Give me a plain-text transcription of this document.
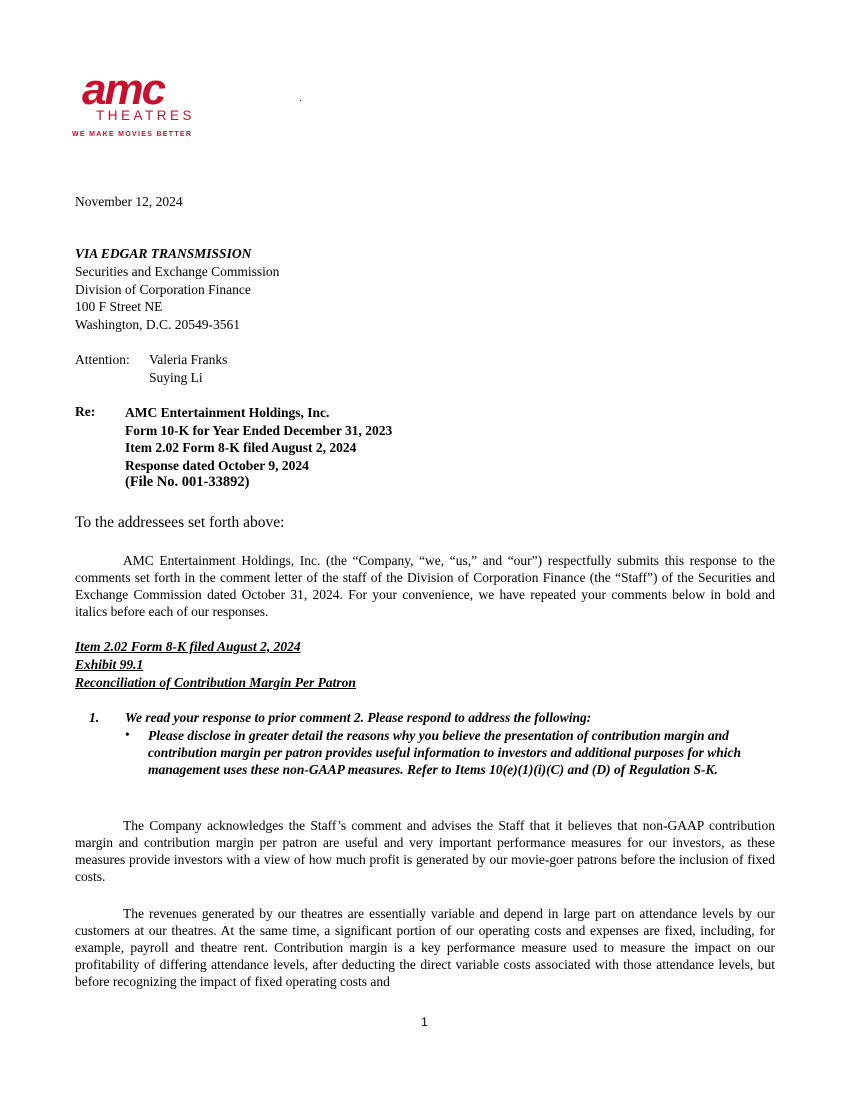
amc
THEATRES
WE MAKE MOVIES BETTER
November 12, 2024
VIA EDGAR TRANSMISSION
Securities and Exchange Commission
Division of Corporation Finance
100 F Street NE
Washington, D.C. 20549-3561
Attention: Valeria Franks
Suying Li
Re: AMC Entertainment Holdings, Inc.
Form 10-K for Year Ended December 31, 2023
Item 2.02 Form 8-K filed August 2, 2024
Response dated October 9, 2024
(File No. 001-33892)
To the addressees set forth above:
AMC Entertainment Holdings, Inc. (the “Company, “we, “us,” and “our”) respectfully submits this response to the comments set forth in the comment letter of the staff of the Division of Corporation Finance (the “Staff”) of the Securities and Exchange Commission dated October 31, 2024. For your convenience, we have repeated your comments below in bold and italics before each of our responses.
Item 2.02 Form 8-K filed August 2, 2024
Exhibit 99.1
Reconciliation of Contribution Margin Per Patron
1. We read your response to prior comment 2. Please respond to address the following:
• Please disclose in greater detail the reasons why you believe the presentation of contribution margin and contribution margin per patron provides useful information to investors and additional purposes for which management uses these non-GAAP measures. Refer to Items 10(e)(1)(i)(C) and (D) of Regulation S-K.
The Company acknowledges the Staff’s comment and advises the Staff that it believes that non-GAAP contribution margin and contribution margin per patron are useful and very important performance measures for our investors, as these measures provide investors with a view of how much profit is generated by our movie-goer patrons before the inclusion of fixed costs.
The revenues generated by our theatres are essentially variable and depend in large part on attendance levels by our customers at our theatres. At the same time, a significant portion of our operating costs and expenses are fixed, including, for example, payroll and theatre rent. Contribution margin is a key performance measure used to measure the impact on our profitability of differing attendance levels, after deducting the direct variable costs associated with those attendance levels, but before recognizing the impact of fixed operating costs and
1
